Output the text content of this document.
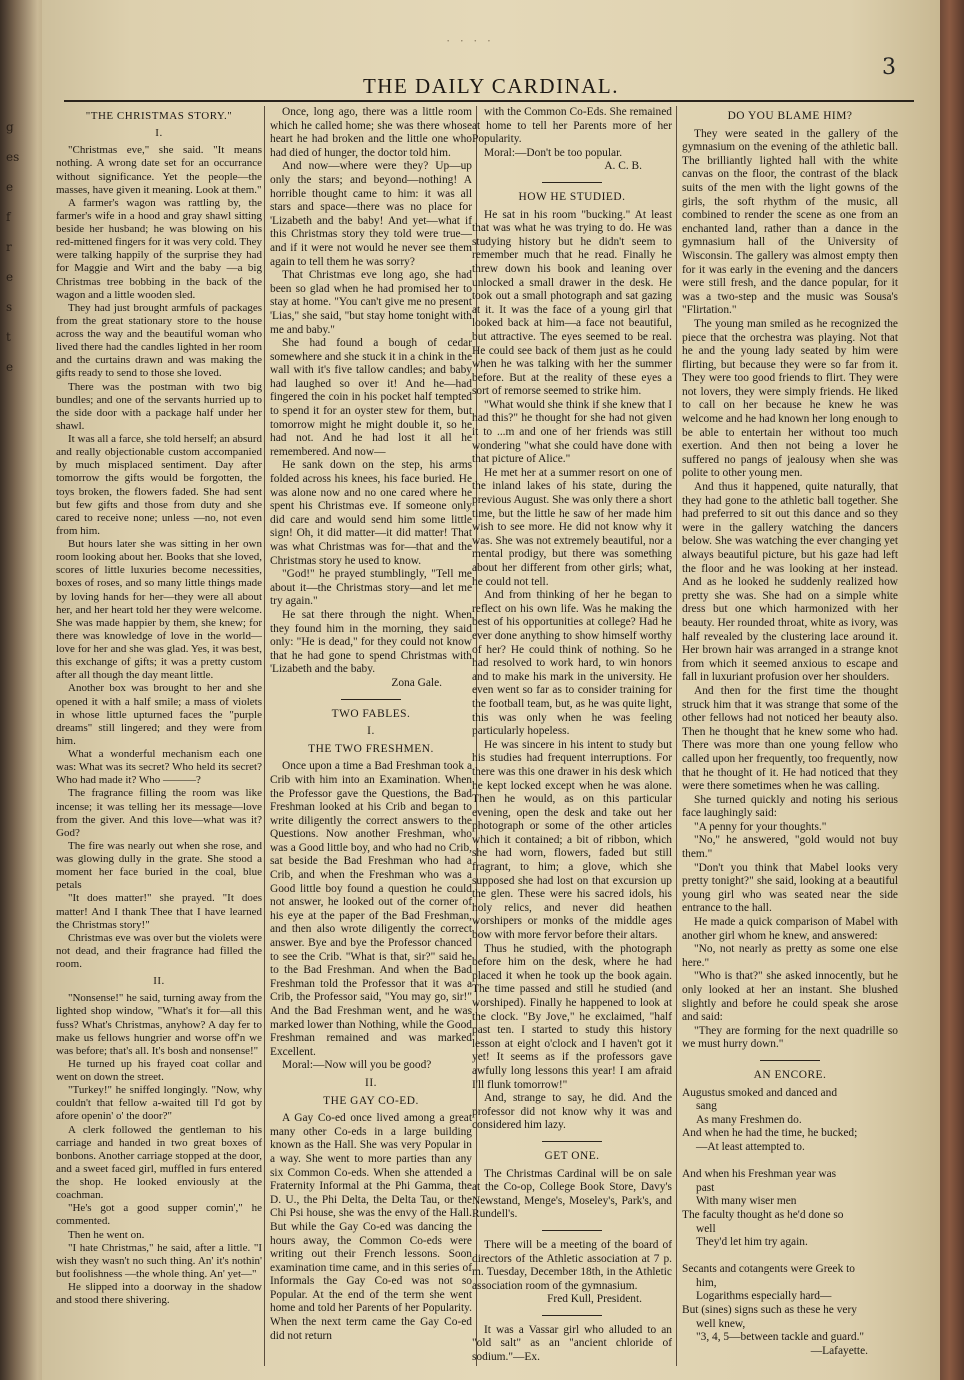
g

es

e

f

r

e

s

t

e
· · · ·
3
THE DAILY CARDINAL.

"THE CHRISTMAS STORY."

I.

"Christmas eve," she said. "It means nothing. A wrong date set for an occurrance without significance. Yet the people—the masses, have given it meaning. Look at them."

A farmer's wagon was rattling by, the farmer's wife in a hood and gray shawl sitting beside her husband; he was blowing on his red-mittened fingers for it was very cold. They were talking happily of the surprise they had for Maggie and Wirt and the baby —a big Christmas tree bobbing in the back of the wagon and a little wooden sled.

They had just brought armfuls of packages from the great stationary store to the house across the way and the beautiful woman who lived there had the candles lighted in her room and the curtains drawn and was making the gifts ready to send to those she loved.

There was the postman with two big bundles; and one of the servants hurried up to the side door with a package half under her shawl.

It was all a farce, she told herself; an absurd and really objectionable custom accompanied by much misplaced sentiment. Day after tomorrow the gifts would be forgotten, the toys broken, the flowers faded. She had sent but few gifts and those from duty and she cared to receive none; unless —no, not even from him.

But hours later she was sitting in her own room looking about her. Books that she loved, scores of little luxuries become necessities, boxes of roses, and so many little things made by loving hands for her—they were all about her, and her heart told her they were welcome. She was made happier by them, she knew; for there was knowledge of love in the world—love for her and she was glad. Yes, it was best, this exchange of gifts; it was a pretty custom after all though the day meant little.

Another box was brought to her and she opened it with a half smile; a mass of violets in whose little upturned faces the "purple dreams" still lingered; and they were from him.

What a wonderful mechanism each one was: What was its secret? Who held its secret? Who had made it? Who ———?

The fragrance filling the room was like incense; it was telling her its message—love from the giver. And this love—what was it? God?

The fire was nearly out when she rose, and was glowing dully in the grate. She stood a moment her face buried in the coal, blue petals

"It does matter!" she prayed. "It does matter! And I thank Thee that I have learned the Christmas story!"

Christmas eve was over but the violets were not dead, and their fragrance had filled the room.

II.

"Nonsense!" he said, turning away from the lighted shop window, "What's it for—all this fuss? What's Christmas, anyhow? A day fer to make us fellows hungrier and worse off'n we was before; that's all. It's bosh and nonsense!"

He turned up his frayed coat collar and went on down the street.

"Turkey!" he sniffed longingly. "Now, why couldn't that fellow a-waited till I'd got by afore openin' o' the door?"

A clerk followed the gentleman to his carriage and handed in two great boxes of bonbons. Another carriage stopped at the door, and a sweet faced girl, muffled in furs entered the shop. He looked enviously at the coachman.

"He's got a good supper comin'," he commented.

Then he went on.

"I hate Christmas," he said, after a little. "I wish they wasn't no such thing. An' it's nothin' but foolishness —the whole thing. An' yet—"

He slipped into a doorway in the shadow and stood there shivering.

Once, long ago, there was a little room which he called home; she was there whose heart he had broken and the little one who had died of hunger, the doctor told him.

And now—where were they? Up—up only the stars; and beyond—nothing! A horrible thought came to him: it was all stars and space—there was no place for 'Lizabeth and the baby! And yet—what if this Christmas story they told were true—and if it were not would he never see them again to tell them he was sorry?

That Christmas eve long ago, she had been so glad when he had promised her to stay at home. "You can't give me no present 'Lias," she said, "but stay home tonight with me and baby."

She had found a bough of cedar somewhere and she stuck it in a chink in the wall with it's five tallow candles; and baby had laughed so over it! And he—had fingered the coin in his pocket half tempted to spend it for an oyster stew for them, but tomorrow might he might double it, so he had not. And he had lost it all he remembered. And now—

He sank down on the step, his arms folded across his knees, his face buried. He was alone now and no one cared where he spent his Christmas eve. If someone only did care and would send him some little sign! Oh, it did matter—it did matter! That was what Christmas was for—that and the Christmas story he used to know.

"God!" he prayed stumblingly, "Tell me about it—the Christmas story—and let me try again."

He sat there through the night. When they found him in the morning, they said only: "He is dead," for they could not know that he had gone to spend Christmas with 'Lizabeth and the baby.

Zona Gale.

TWO FABLES.

I.

THE TWO FRESHMEN.

Once upon a time a Bad Freshman took a Crib with him into an Examination. When the Professor gave the Questions, the Bad Freshman looked at his Crib and began to write diligently the correct answers to the Questions. Now another Freshman, who was a Good little boy, and who had no Crib, sat beside the Bad Freshman who had a Crib, and when the Freshman who was a Good little boy found a question he could not answer, he looked out of the corner of his eye at the paper of the Bad Freshman, and then also wrote diligently the correct answer. Bye and bye the Professor chanced to see the Crib. "What is that, sir?" said he to the Bad Freshman. And when the Bad Freshman told the Professor that it was a Crib, the Professor said, "You may go, sir!" And the Bad Freshman went, and he was marked lower than Nothing, while the Good Freshman remained and was marked Excellent.

Moral:—Now will you be good?

II.

THE GAY CO-ED.

A Gay Co-ed once lived among a great many other Co-eds in a large building known as the Hall. She was very Popular in a way. She went to more parties than any six Common Co-eds. When she attended a Fraternity Informal at the Phi Gamma, the D. U., the Phi Delta, the Delta Tau, or the Chi Psi house, she was the envy of the Hall. But while the Gay Co-ed was dancing the hours away, the Common Co-eds were writing out their French lessons. Soon examination time came, and in this series of Informals the Gay Co-ed was not so Popular. At the end of the term she went home and told her Parents of her Popularity. When the next term came the Gay Co-ed did not return

with the Common Co-Eds. She remained at home to tell her Parents more of her Popularity.

Moral:—Don't be too popular.

A. C. B.

HOW HE STUDIED.

He sat in his room "bucking." At least that was what he was trying to do. He was studying history but he didn't seem to remember much that he read. Finally he threw down his book and leaning over unlocked a small drawer in the desk. He took out a small photograph and sat gazing at it. It was the face of a young girl that looked back at him—a face not beautiful, but attractive. The eyes seemed to be real. He could see back of them just as he could when he was talking with her the summer before. But at the reality of these eyes a sort of remorse seemed to strike him.

"What would she think if she knew that I had this?" he thought for she had not given it to ...m and one of her friends was still wondering "what she could have done with that picture of Alice."

He met her at a summer resort on one of the inland lakes of his state, during the previous August. She was only there a short time, but the little he saw of her made him wish to see more. He did not know why it was. She was not extremely beautiful, nor a mental prodigy, but there was something about her different from other girls; what, he could not tell.

And from thinking of her he began to reflect on his own life. Was he making the best of his opportunities at college? Had he ever done anything to show himself worthy of her? He could think of nothing. So he had resolved to work hard, to win honors and to make his mark in the university. He even went so far as to consider training for the football team, but, as he was quite light, this was only when he was feeling particularly hopeless.

He was sincere in his intent to study but his studies had frequent interruptions. For there was this one drawer in his desk which he kept locked except when he was alone. Then he would, as on this particular evening, open the desk and take out her photograph or some of the other articles which it contained; a bit of ribbon, which she had worn, flowers, faded but still fragrant, to him; a glove, which she supposed she had lost on that excursion up the glen. These were his sacred idols, his holy relics, and never did heathen worshipers or monks of the middle ages bow with more fervor before their altars.

Thus he studied, with the photograph before him on the desk, where he had placed it when he took up the book again. The time passed and still he studied (and worshiped). Finally he happened to look at the clock. "By Jove," he exclaimed, "half past ten. I started to study this history lesson at eight o'clock and I haven't got it yet! It seems as if the professors gave awfully long lessons this year! I am afraid I'll flunk tomorrow!"

And, strange to say, he did. And the professor did not know why it was and considered him lazy.

GET ONE.

The Christmas Cardinal will be on sale at the Co-op, College Book Store, Davy's Newstand, Menge's, Moseley's, Park's, and Rundell's.

There will be a meeting of the board of directors of the Athletic association at 7 p. m. Tuesday, December 18th, in the Athletic association room of the gymnasium.

Fred Kull, President.

It was a Vassar girl who alluded to an "old salt" as an "ancient chloride of sodium."—Ex.

DO YOU BLAME HIM?

They were seated in the gallery of the gymnasium on the evening of the athletic ball. The brilliantly lighted hall with the white canvas on the floor, the contrast of the black suits of the men with the light gowns of the girls, the soft rhythm of the music, all combined to render the scene as one from an enchanted land, rather than a dance in the gymnasium hall of the University of Wisconsin. The gallery was almost empty then for it was early in the evening and the dancers were still fresh, and the dance popular, for it was a two-step and the music was Sousa's "Flirtation."

The young man smiled as he recognized the piece that the orchestra was playing. Not that he and the young lady seated by him were flirting, but because they were so far from it. They were too good friends to flirt. They were not lovers, they were simply friends. He liked to call on her because he knew he was welcome and he had known her long enough to be able to entertain her without too much exertion. And then not being a lover he suffered no pangs of jealousy when she was polite to other young men.

And thus it happened, quite naturally, that they had gone to the athletic ball together. She had preferred to sit out this dance and so they were in the gallery watching the dancers below. She was watching the ever changing yet always beautiful picture, but his gaze had left the floor and he was looking at her instead. And as he looked he suddenly realized how pretty she was. She had on a simple white dress but one which harmonized with her beauty. Her rounded throat, white as ivory, was half revealed by the clustering lace around it. Her brown hair was arranged in a strange knot from which it seemed anxious to escape and fall in luxuriant profusion over her shoulders.

And then for the first time the thought struck him that it was strange that some of the other fellows had not noticed her beauty also. Then he thought that he knew some who had. There was more than one young fellow who called upon her frequently, too frequently, now that he thought of it. He had noticed that they were there sometimes when he was calling.

She turned quickly and noting his serious face laughingly said:

"A penny for your thoughts."

"No," he answered, "gold would not buy them."

"Don't you think that Mabel looks very pretty tonight?" she said, looking at a beautiful young girl who was seated near the side entrance to the hall.

He made a quick comparison of Mabel with another girl whom he knew, and answered:

"No, not nearly as pretty as some one else here."

"Who is that?" she asked innocently, but he only looked at her an instant. She blushed slightly and before he could speak she arose and said:

"They are forming for the next quadrille so we must hurry down."

AN ENCORE.

Augustus smoked and danced and

sang

As many Freshmen do.

And when he had the time, he bucked;

—At least attempted to.

And when his Freshman year was

past

With many wiser men

The faculty thought as he'd done so

well

They'd let him try again.

Secants and cotangents were Greek to

him,

Logarithms especially hard—

But (sines) signs such as these he very

well knew,

"3, 4, 5—between tackle and guard."

—Lafayette.
